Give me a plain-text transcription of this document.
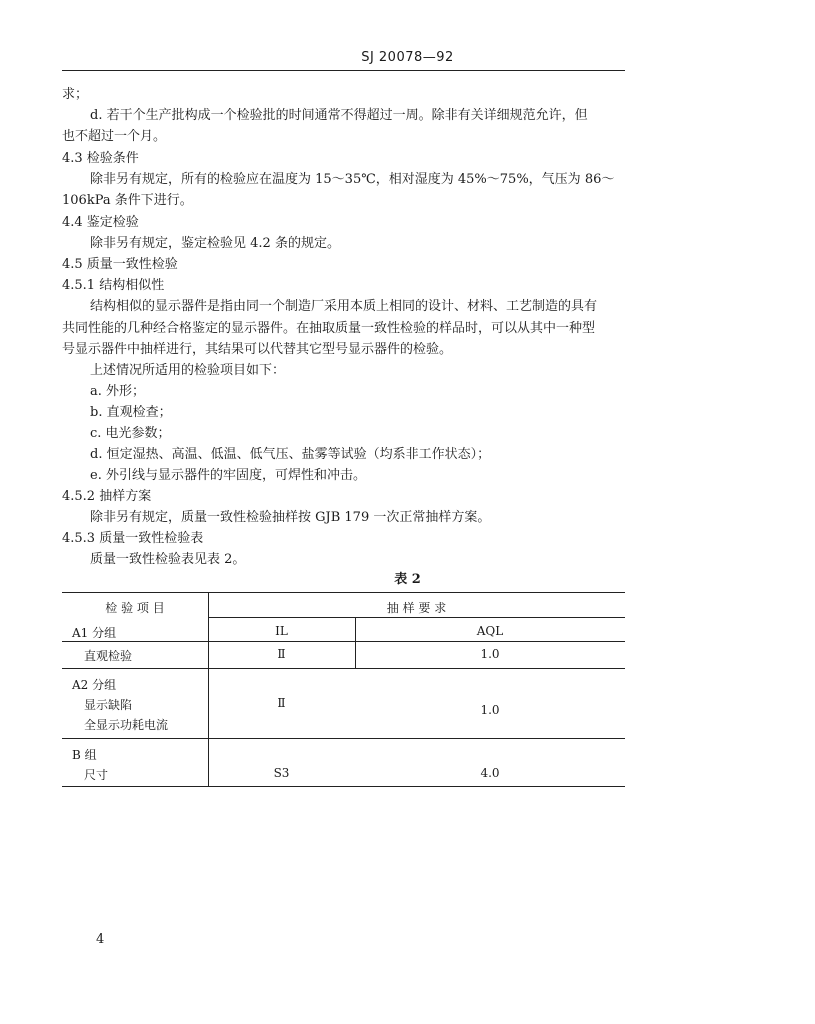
SJ 20078—92
求；
d. 若干个生产批构成一个检验批的时间通常不得超过一周。除非有关详细规范允许，但
也不超过一个月。
4.3 检验条件
除非另有规定，所有的检验应在温度为 15～35℃，相对湿度为 45%～75%，气压为 86～
106kPa 条件下进行。
4.4 鉴定检验
除非另有规定，鉴定检验见 4.2 条的规定。
4.5 质量一致性检验
4.5.1 结构相似性
结构相似的显示器件是指由同一个制造厂采用本质上相同的设计、材料、工艺制造的具有
共同性能的几种经合格鉴定的显示器件。在抽取质量一致性检验的样品时，可以从其中一种型
号显示器件中抽样进行，其结果可以代替其它型号显示器件的检验。
上述情况所适用的检验项目如下：
a. 外形；
b. 直观检查；
c. 电光参数；
d. 恒定湿热、高温、低温、低气压、盐雾等试验（均系非工作状态）；
e. 外引线与显示器件的牢固度，可焊性和冲击。
4.5.2 抽样方案
除非另有规定，质量一致性检验抽样按 GJB 179 一次正常抽样方案。
4.5.3 质量一致性检验表
质量一致性检验表见表 2。
表 2
检 验 项 目	抽 样 要 求
IL	AQL
A1 分组
直观检验	Ⅱ	1.0
A2 分组
显示缺陷
全显示功耗电流
Ⅱ	1.0
B 组
尺寸	S3	4.0
4
